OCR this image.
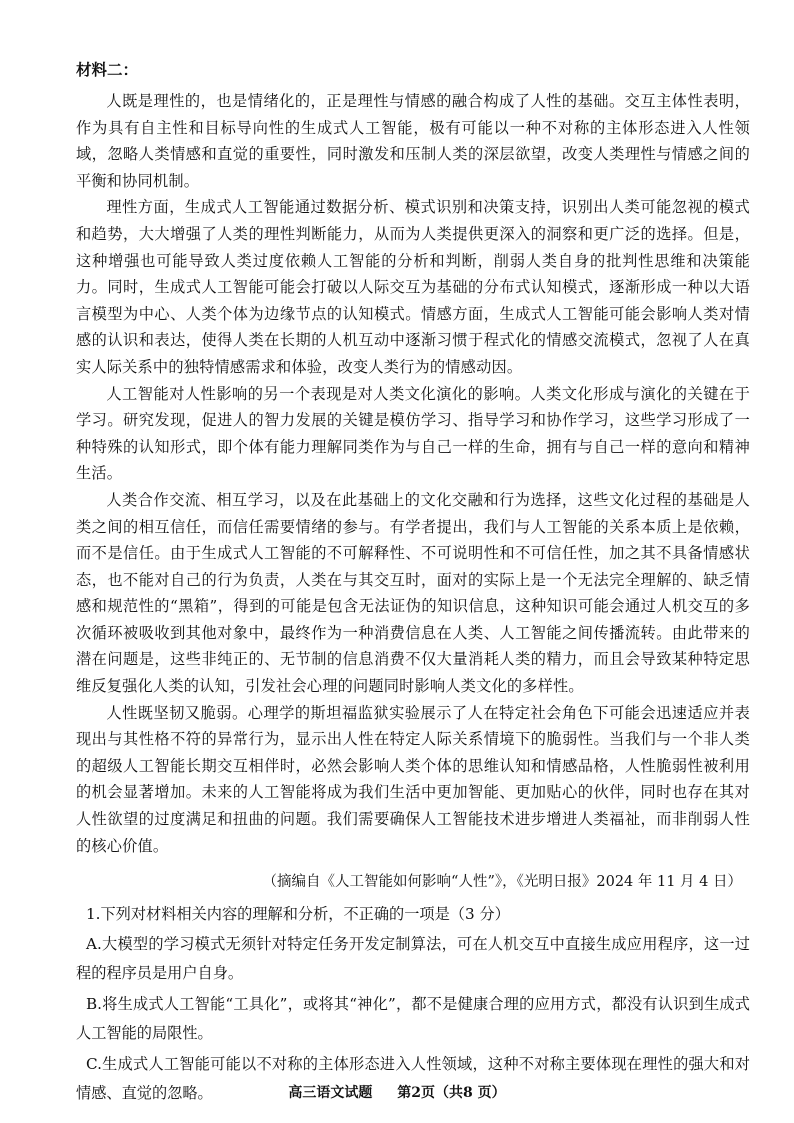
材料二：

人既是理性的，也是情绪化的，正是理性与情感的融合构成了人性的基础。交互主体性表明，作为具有自主性和目标导向性的生成式人工智能，极有可能以一种不对称的主体形态进入人性领域，忽略人类情感和直觉的重要性，同时激发和压制人类的深层欲望，改变人类理性与情感之间的平衡和协同机制。

理性方面，生成式人工智能通过数据分析、模式识别和决策支持，识别出人类可能忽视的模式和趋势，大大增强了人类的理性判断能力，从而为人类提供更深入的洞察和更广泛的选择。但是，这种增强也可能导致人类过度依赖人工智能的分析和判断，削弱人类自身的批判性思维和决策能力。同时，生成式人工智能可能会打破以人际交互为基础的分布式认知模式，逐渐形成一种以大语言模型为中心、人类个体为边缘节点的认知模式。情感方面，生成式人工智能可能会影响人类对情感的认识和表达，使得人类在长期的人机互动中逐渐习惯于程式化的情感交流模式，忽视了人在真实人际关系中的独特情感需求和体验，改变人类行为的情感动因。

人工智能对人性影响的另一个表现是对人类文化演化的影响。人类文化形成与演化的关键在于学习。研究发现，促进人的智力发展的关键是模仿学习、指导学习和协作学习，这些学习形成了一种特殊的认知形式，即个体有能力理解同类作为与自己一样的生命，拥有与自己一样的意向和精神生活。

人类合作交流、相互学习，以及在此基础上的文化交融和行为选择，这些文化过程的基础是人类之间的相互信任，而信任需要情绪的参与。有学者提出，我们与人工智能的关系本质上是依赖，而不是信任。由于生成式人工智能的不可解释性、不可说明性和不可信任性，加之其不具备情感状态，也不能对自己的行为负责，人类在与其交互时，面对的实际上是一个无法完全理解的、缺乏情感和规范性的“黑箱”，得到的可能是包含无法证伪的知识信息，这种知识可能会通过人机交互的多次循环被吸收到其他对象中，最终作为一种消费信息在人类、人工智能之间传播流转。由此带来的潜在问题是，这些非纯正的、无节制的信息消费不仅大量消耗人类的精力，而且会导致某种特定思维反复强化人类的认知，引发社会心理的问题同时影响人类文化的多样性。

人性既坚韧又脆弱。心理学的斯坦福监狱实验展示了人在特定社会角色下可能会迅速适应并表现出与其性格不符的异常行为，显示出人性在特定人际关系情境下的脆弱性。当我们与一个非人类的超级人工智能长期交互相伴时，必然会影响人类个体的思维认知和情感品格，人性脆弱性被利用的机会显著增加。未来的人工智能将成为我们生活中更加智能、更加贴心的伙伴，同时也存在其对人性欲望的过度满足和扭曲的问题。我们需要确保人工智能技术进步增进人类福祉，而非削弱人性的核心价值。

（摘编自《人工智能如何影响“人性”》，《光明日报》2024 年 11 月 4 日）
1.下列对材料相关内容的理解和分析，不正确的一项是（3 分）
A.大模型的学习模式无须针对特定任务开发定制算法，可在人机交互中直接生成应用程序，这一过程的程序员是用户自身。
B.将生成式人工智能“工具化”，或将其“神化”，都不是健康合理的应用方式，都没有认识到生成式人工智能的局限性。
C.生成式人工智能可能以不对称的主体形态进入人性领域，这种不对称主要体现在理性的强大和对情感、直觉的忽略。	高三语文试题 第2页（共8 页）
